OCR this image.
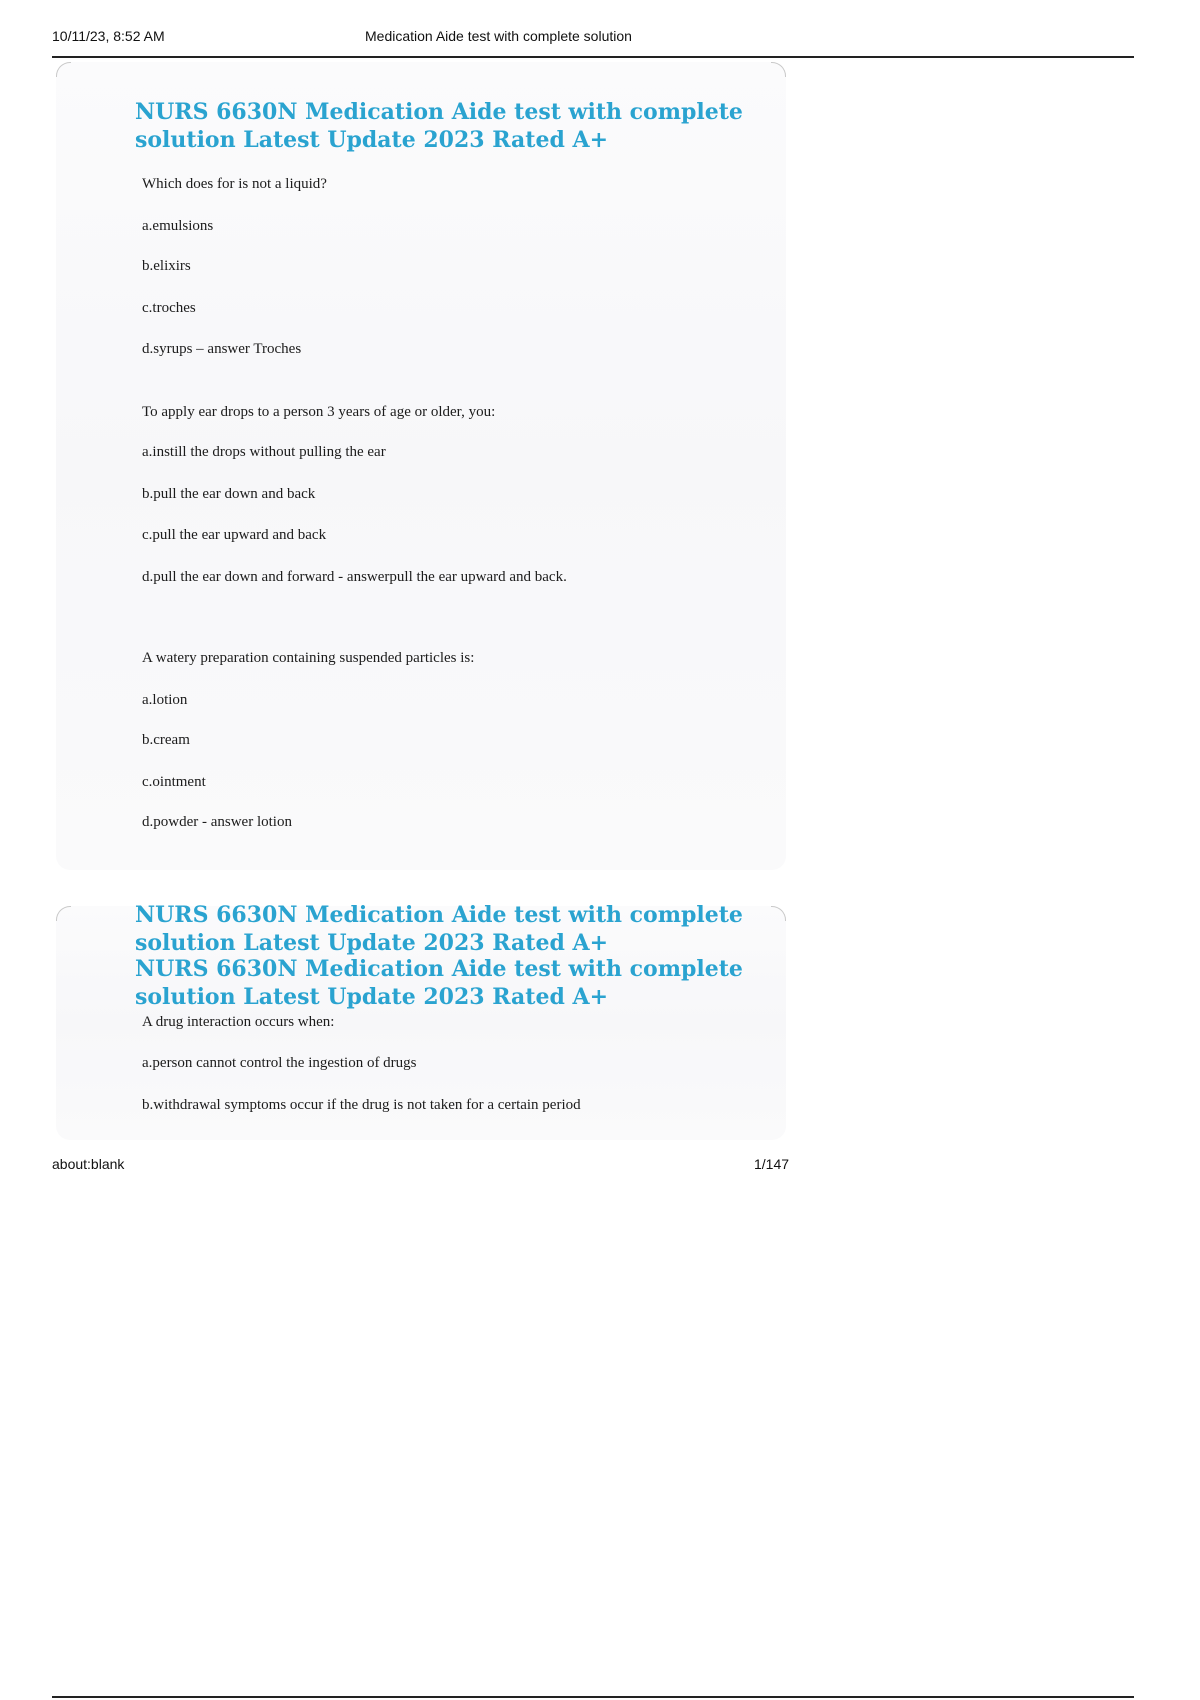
10/11/23, 8:52 AM	Medication Aide test with complete solution
NURS 6630N Medication Aide test with complete
solution Latest Update 2023 Rated A+

Which does for is not a liquid?

a.emulsions

b.elixirs

c.troches

d.syrups – answer Troches

To apply ear drops to a person 3 years of age or older, you:

a.instill the drops without pulling the ear

b.pull the ear down and back

c.pull the ear upward and back

d.pull the ear down and forward - answerpull the ear upward and back.

A watery preparation containing suspended particles is:

a.lotion

b.cream

c.ointment

d.powder - answer lotion

NURS 6630N Medication Aide test with complete
solution Latest Update 2023 Rated A+
NURS 6630N Medication Aide test with complete
solution Latest Update 2023 Rated A+

A drug interaction occurs when:

a.person cannot control the ingestion of drugs

b.withdrawal symptoms occur if the drug is not taken for a certain period

about:blank	1/147
